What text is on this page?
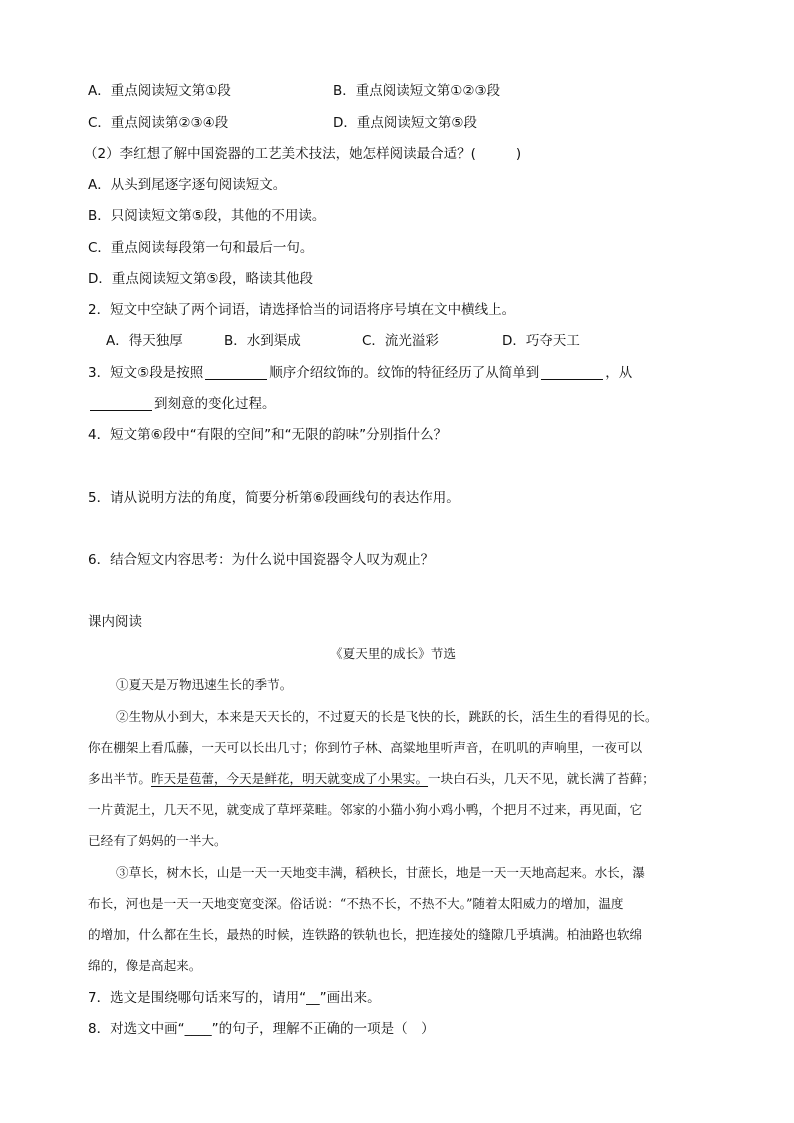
A．重点阅读短文第①段	B．重点阅读短文第①②③段
C．重点阅读第②③④段	D．重点阅读短文第⑤段
（2）李红想了解中国瓷器的工艺美术技法，她怎样阅读最合适？(	)
A．从头到尾逐字逐句阅读短文。
B．只阅读短文第⑤段，其他的不用读。
C．重点阅读每段第一句和最后一句。
D．重点阅读短文第⑤段，略读其他段
2．短文中空缺了两个词语，请选择恰当的词语将序号填在文中横线上。
A．得天独厚	B．水到渠成	C．流光溢彩	D．巧夺天工
3．短文⑤段是按照	顺序介绍纹饰的。纹饰的特征经历了从简单到	，从
到刻意的变化过程。
4．短文第⑥段中“有限的空间”和“无限的韵味”分别指什么？
5．请从说明方法的角度，简要分析第⑥段画线句的表达作用。
6．结合短文内容思考：为什么说中国瓷器令人叹为观止？
课内阅读
《夏天里的成长》节选
①夏天是万物迅速生长的季节。
②生物从小到大，本来是天天长的，不过夏天的长是飞快的长，跳跃的长，活生生的看得见的长。
你在棚架上看瓜藤，一天可以长出几寸；你到竹子林、高粱地里听声音，在叽叽的声响里，一夜可以
多出半节。昨天是苞蕾，今天是鲜花，明天就变成了小果实。一块白石头，几天不见，就长满了苔藓；
一片黄泥土，几天不见，就变成了草坪菜畦。邻家的小猫小狗小鸡小鸭，个把月不过来，再见面，它
已经有了妈妈的一半大。
③草长，树木长，山是一天一天地变丰满，稻秧长，甘蔗长，地是一天一天地高起来。水长，瀑
布长，河也是一天一天地变宽变深。俗话说：“不热不长，不热不大。”随着太阳威力的增加，温度
的增加，什么都在生长，最热的时候，连铁路的铁轨也长，把连接处的缝隙几乎填满。柏油路也软绵
绵的，像是高起来。
7．选文是围绕哪句话来写的，请用“__”画出来。
8．对选文中画“____”的句子，理解不正确的一项是（　）
